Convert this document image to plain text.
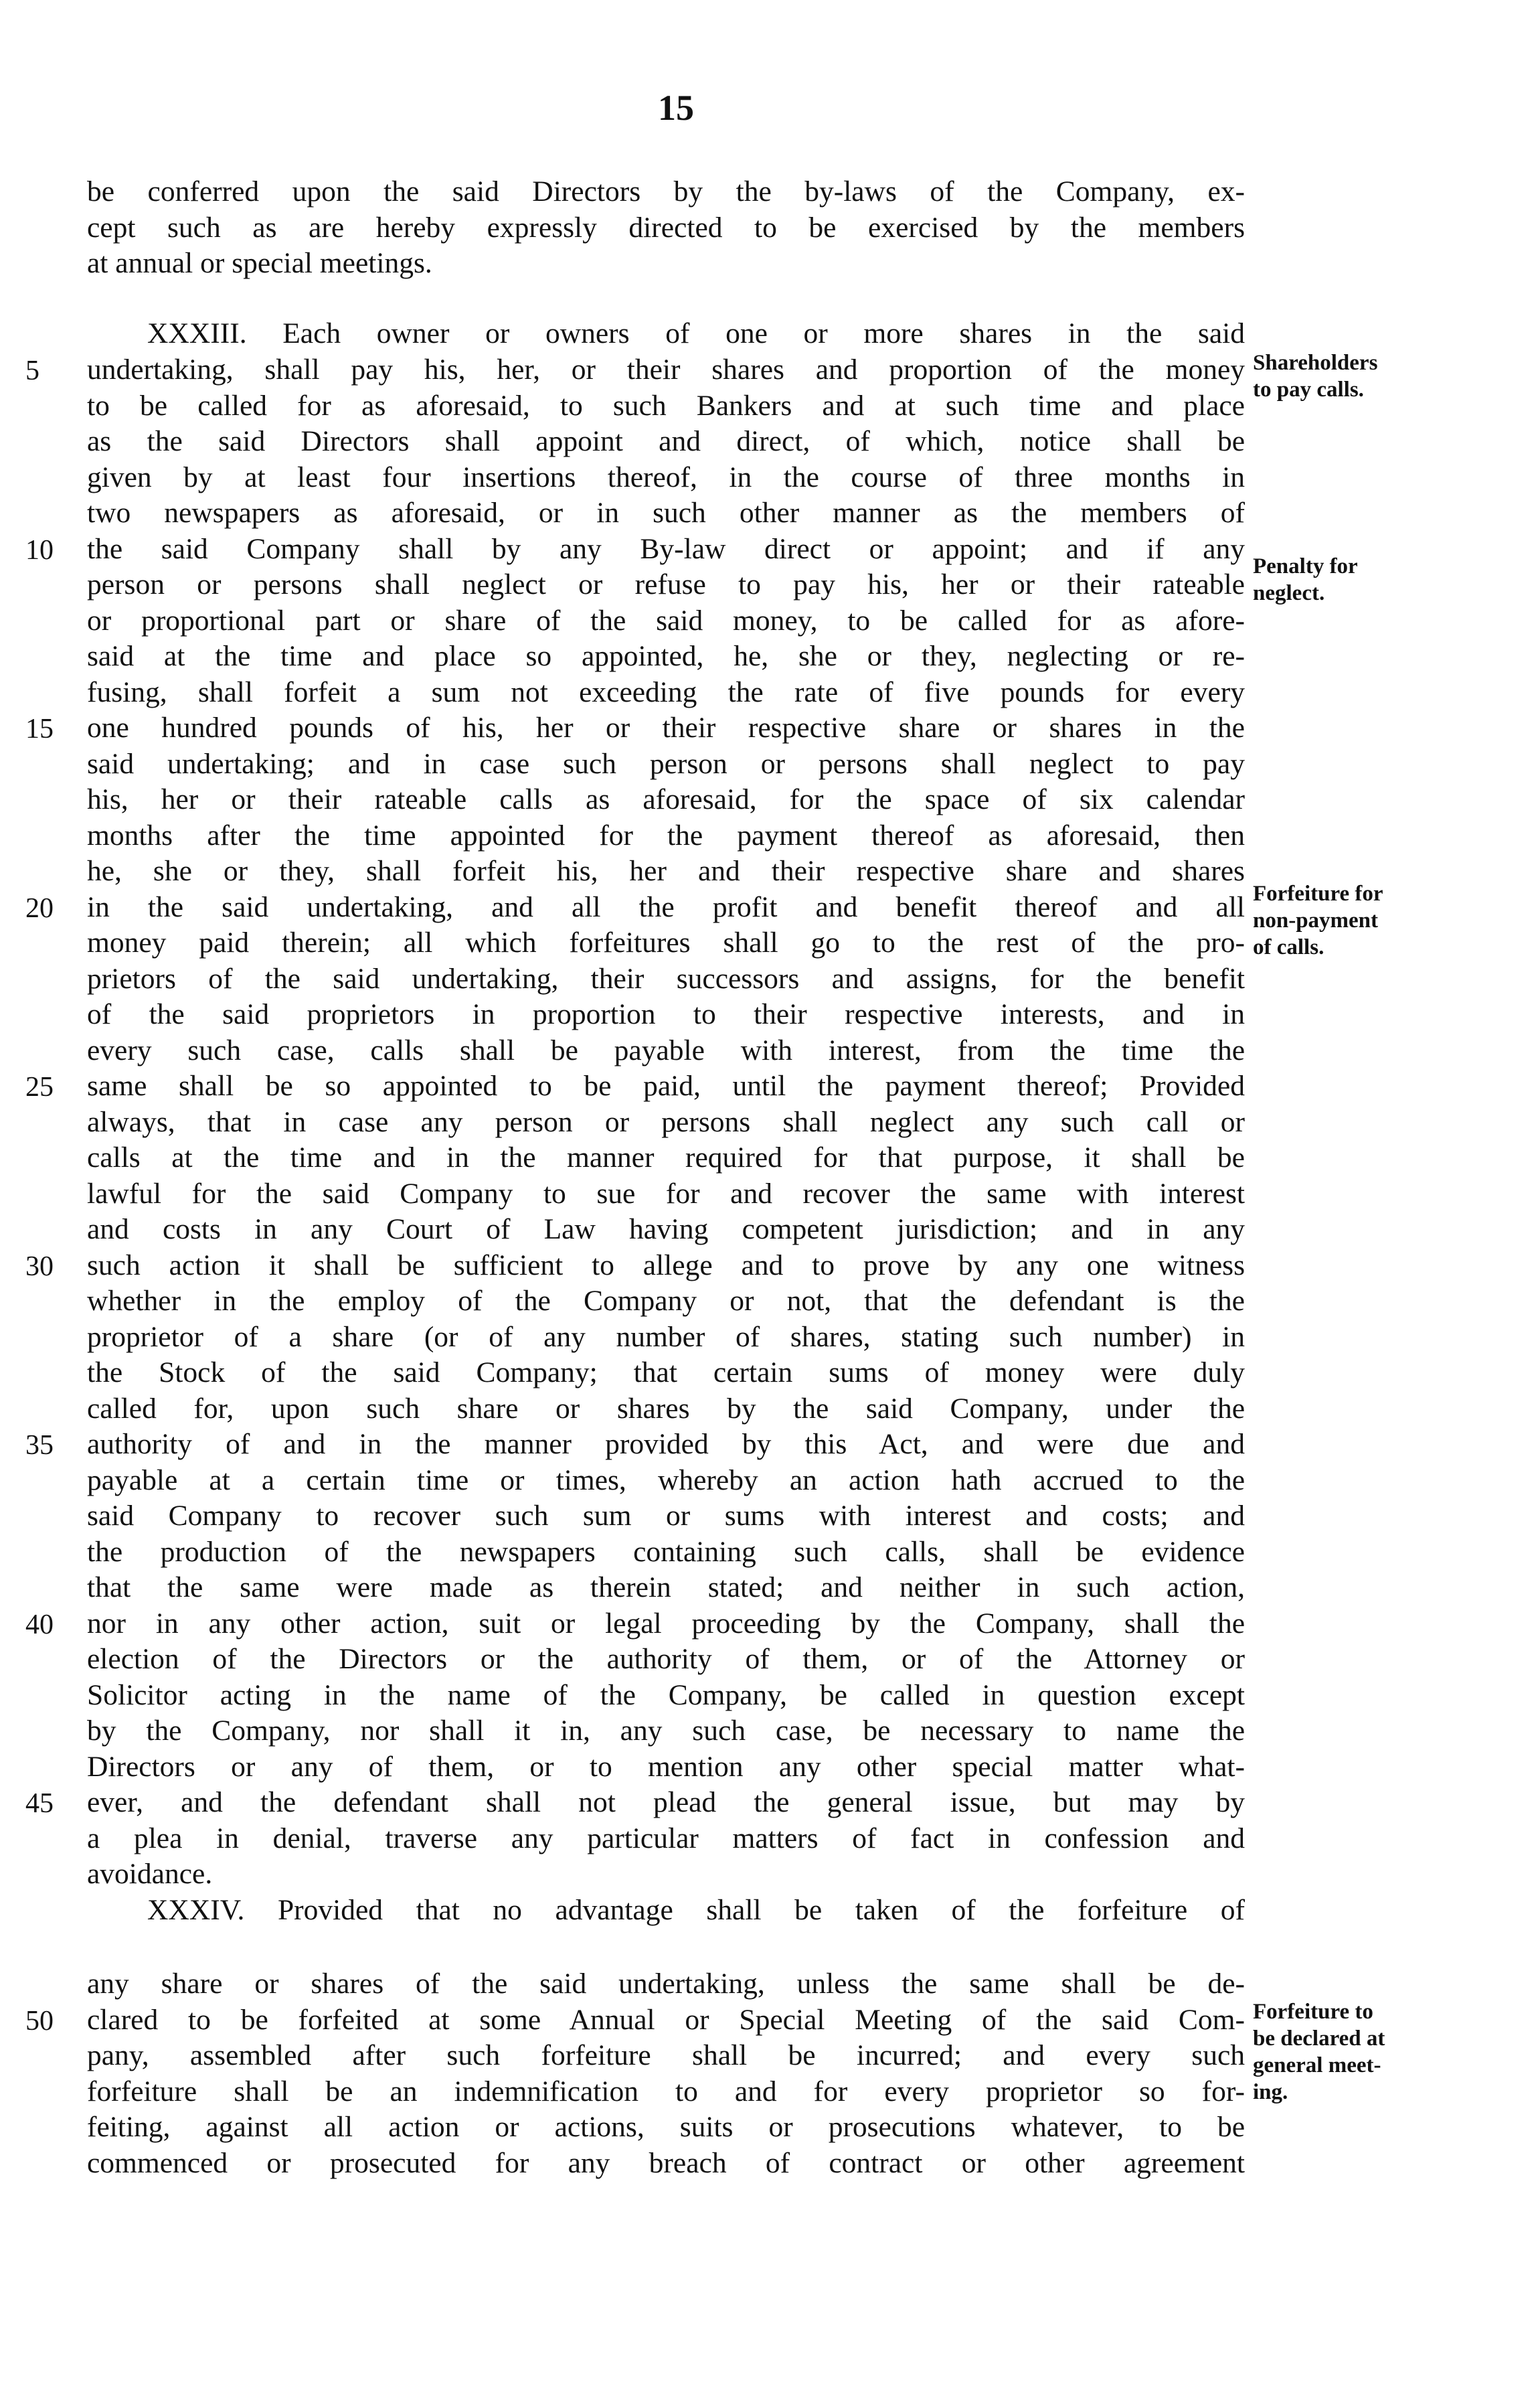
15
5
10
15
20
25
30
35
40
45
50
be conferred upon the said Directors by the by-laws of the Company, ex-
cept such as are hereby expressly directed to be exercised by the members
at annual or special meetings.
XXXIII. Each owner or owners of one or more shares in the said
undertaking, shall pay his, her, or their shares and proportion of the money
to be called for as aforesaid, to such Bankers and at such time and place
as the said Directors shall appoint and direct, of which, notice shall be
given by at least four insertions thereof, in the course of three months in
two newspapers as aforesaid, or in such other manner as the members of
the said Company shall by any By-law direct or appoint; and if any
person or persons shall neglect or refuse to pay his, her or their rateable
or proportional part or share of the said money, to be called for as afore-
said at the time and place so appointed, he, she or they, neglecting or re-
fusing, shall forfeit a sum not exceeding the rate of five pounds for every
one hundred pounds of his, her or their respective share or shares in the
said undertaking; and in case such person or persons shall neglect to pay
his, her or their rateable calls as aforesaid, for the space of six calendar
months after the time appointed for the payment thereof as aforesaid, then
he, she or they, shall forfeit his, her and their respective share and shares
in the said undertaking, and all the profit and benefit thereof and all
money paid therein; all which forfeitures shall go to the rest of the pro-
prietors of the said undertaking, their successors and assigns, for the benefit
of the said proprietors in proportion to their respective interests, and in
every such case, calls shall be payable with interest, from the time the
same shall be so appointed to be paid, until the payment thereof; Provided
always, that in case any person or persons shall neglect any such call or
calls at the time and in the manner required for that purpose, it shall be
lawful for the said Company to sue for and recover the same with interest
and costs in any Court of Law having competent jurisdiction; and in any
such action it shall be sufficient to allege and to prove by any one witness
whether in the employ of the Company or not, that the defendant is the
proprietor of a share (or of any number of shares, stating such number) in
the Stock of the said Company; that certain sums of money were duly
called for, upon such share or shares by the said Company, under the
authority of and in the manner provided by this Act, and were due and
payable at a certain time or times, whereby an action hath accrued to the
said Company to recover such sum or sums with interest and costs; and
the production of the newspapers containing such calls, shall be evidence
that the same were made as therein stated; and neither in such action,
nor in any other action, suit or legal proceeding by the Company, shall the
election of the Directors or the authority of them, or of the Attorney or
Solicitor acting in the name of the Company, be called in question except
by the Company, nor shall it in, any such case, be necessary to name the
Directors or any of them, or to mention any other special matter what-
ever, and the defendant shall not plead the general issue, but may by
a plea in denial, traverse any particular matters of fact in confession and
avoidance.
XXXIV. Provided that no advantage shall be taken of the forfeiture of
any share or shares of the said undertaking, unless the same shall be de-
clared to be forfeited at some Annual or Special Meeting of the said Com-
pany, assembled after such forfeiture shall be incurred; and every such
forfeiture shall be an indemnification to and for every proprietor so for-
feiting, against all action or actions, suits or prosecutions whatever, to be
commenced or prosecuted for any breach of contract or other agreement
Shareholders
to pay calls.
Penalty for
neglect.
Forfeiture for
non-payment
of calls.
Forfeiture to
be declared at
general meet-
ing.
